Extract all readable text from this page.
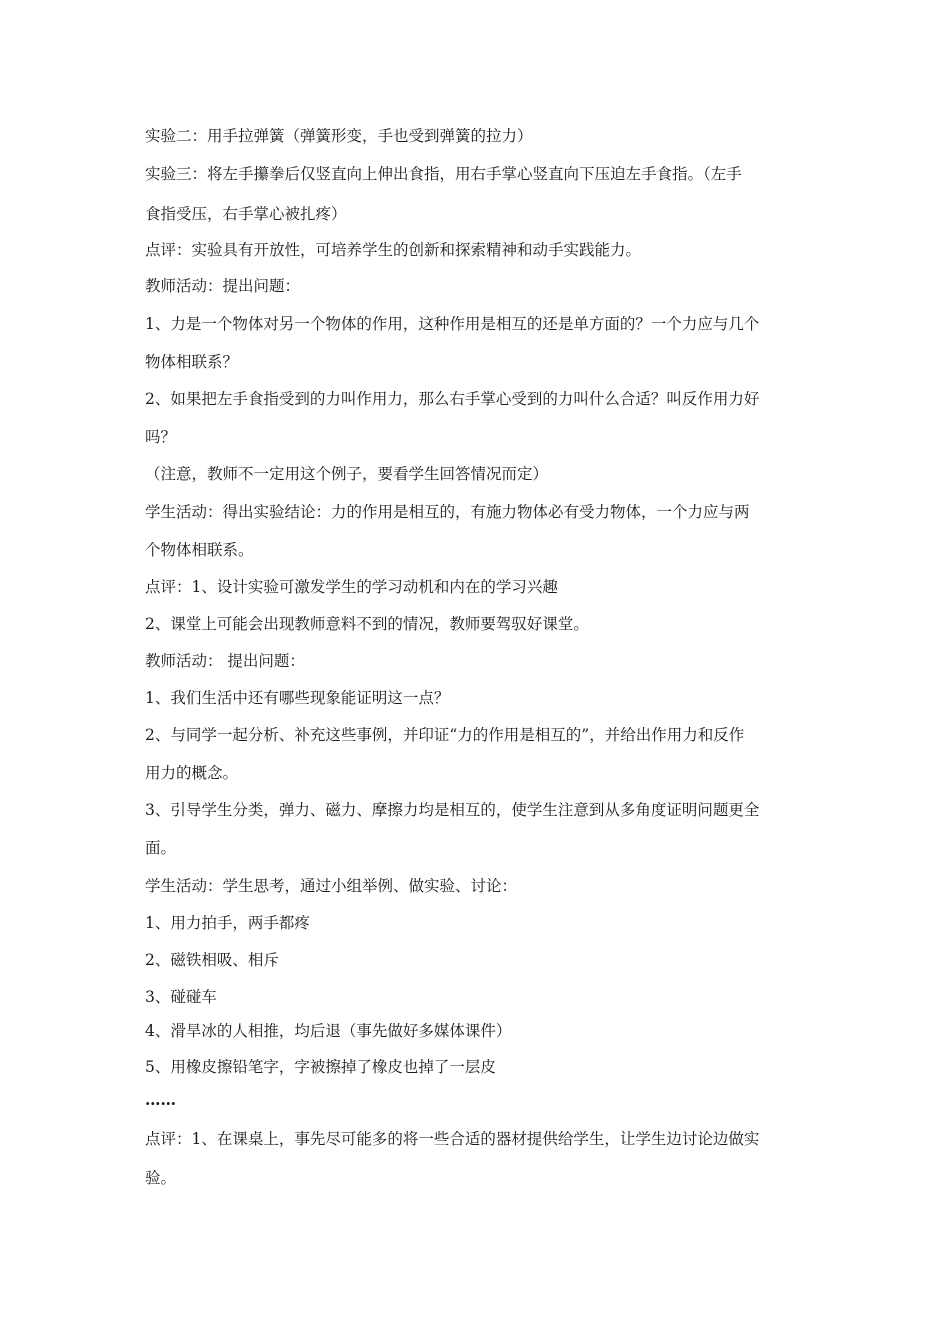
实验二：用手拉弹簧（弹簧形变，手也受到弹簧的拉力）
实验三：将左手攥拳后仅竖直向上伸出食指，用右手掌心竖直向下压迫左手食指。（左手
食指受压，右手掌心被扎疼）
点评：实验具有开放性，可培养学生的创新和探索精神和动手实践能力。
教师活动：提出问题：
1、力是一个物体对另一个物体的作用，这种作用是相互的还是单方面的？一个力应与几个
物体相联系？
2、如果把左手食指受到的力叫作用力，那么右手掌心受到的力叫什么合适？叫反作用力好
吗？
（注意，教师不一定用这个例子，要看学生回答情况而定）
学生活动：得出实验结论：力的作用是相互的，有施力物体必有受力物体，一个力应与两
个物体相联系。
点评：1、设计实验可激发学生的学习动机和内在的学习兴趣
2、课堂上可能会出现教师意料不到的情况，教师要驾驭好课堂。
教师活动： 提出问题：
1、我们生活中还有哪些现象能证明这一点？
2、与同学一起分析、补充这些事例，并印证“力的作用是相互的”，并给出作用力和反作
用力的概念。
3、引导学生分类，弹力、磁力、摩擦力均是相互的，使学生注意到从多角度证明问题更全
面。
学生活动：学生思考，通过小组举例、做实验、讨论：
1、用力拍手，两手都疼
2、磁铁相吸、相斥
3、碰碰车
4、滑旱冰的人相推，均后退（事先做好多媒体课件）
5、用橡皮擦铅笔字，字被擦掉了橡皮也掉了一层皮
……
点评：1、在课桌上，事先尽可能多的将一些合适的器材提供给学生，让学生边讨论边做实
验。
